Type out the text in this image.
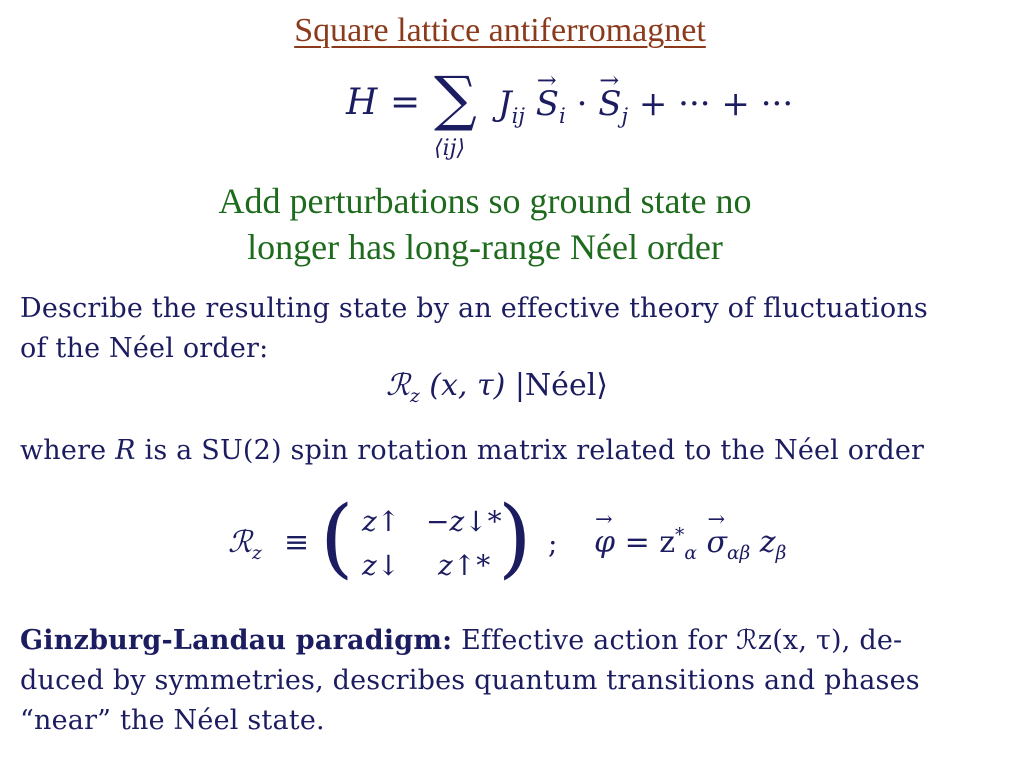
Square lattice antiferromagnet
H = ∑
⟨ij⟩
$J_{ij} \to S_i$ · → $S_j$ + ··· + ···
Add perturbations so ground state no
longer has long-range Néel order
Describe the resulting state by an effective theory of fluctuations
of the Néel order:
ℛ$_z$ (x, τ) |Néel⟩
where R is a SU(2) spin rotation matrix related to the Néel order
ℛ$_z$ ≡ ( z↑ −z↓*
z↓ z↑* ) ; → $\varphi = z^*_\alpha \to \sigma_{\alpha\beta}$ $z_\beta$
Ginzburg-Landau paradigm: Effective action for ℛz(x, τ), de-
duced by symmetries, describes quantum transitions and phases
“near” the Néel state.
